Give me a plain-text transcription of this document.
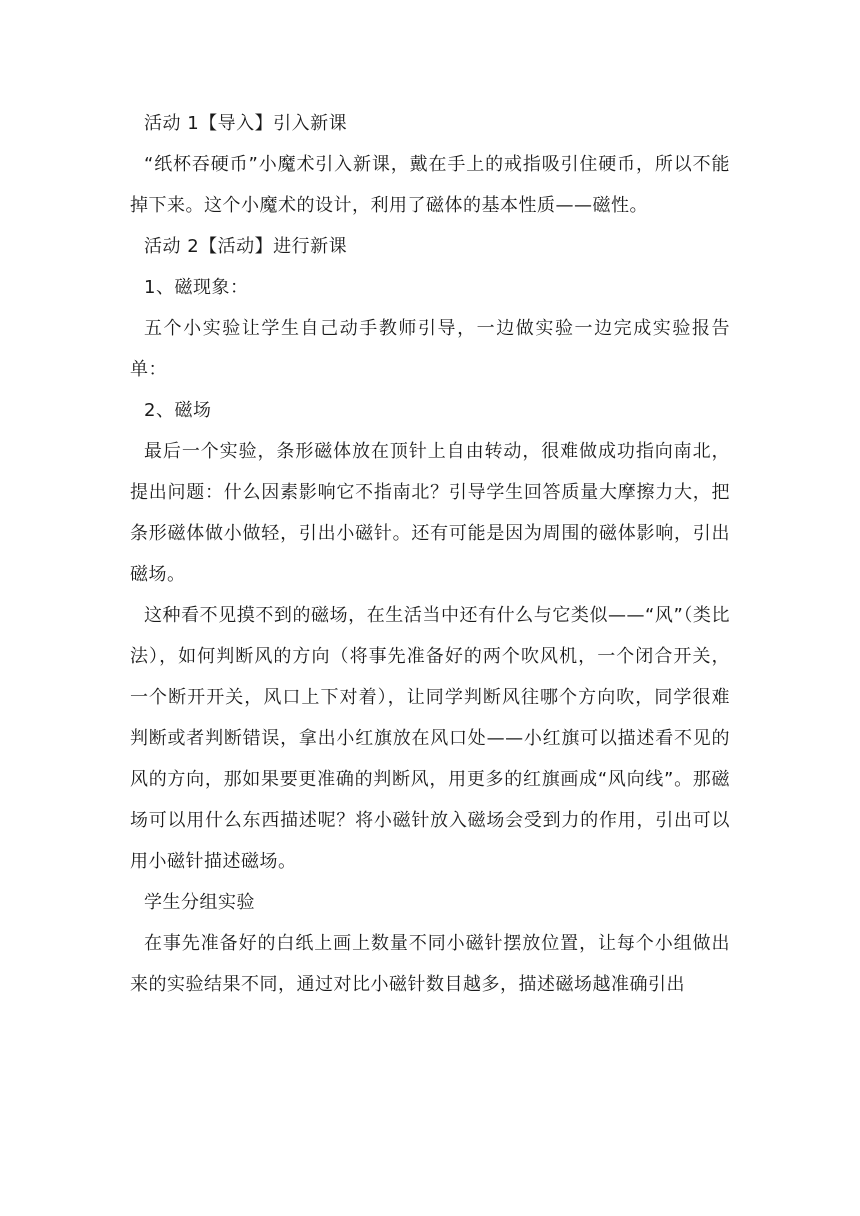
活动 1【导入】引入新课

“纸杯吞硬币”小魔术引入新课，戴在手上的戒指吸引住硬币，所以不能掉下来。这个小魔术的设计，利用了磁体的基本性质——磁性。

活动 2【活动】进行新课

1、磁现象：

五个小实验让学生自己动手教师引导，一边做实验一边完成实验报告单：

2、磁场

最后一个实验，条形磁体放在顶针上自由转动，很难做成功指向南北，提出问题：什么因素影响它不指南北？引导学生回答质量大摩擦力大，把条形磁体做小做轻，引出小磁针。还有可能是因为周围的磁体影响，引出磁场。

这种看不见摸不到的磁场，在生活当中还有什么与它类似——“风”（类比法），如何判断风的方向（将事先准备好的两个吹风机，一个闭合开关，一个断开开关，风口上下对着），让同学判断风往哪个方向吹，同学很难判断或者判断错误，拿出小红旗放在风口处——小红旗可以描述看不见的风的方向，那如果要更准确的判断风，用更多的红旗画成“风向线”。那磁场可以用什么东西描述呢？将小磁针放入磁场会受到力的作用，引出可以用小磁针描述磁场。

学生分组实验

在事先准备好的白纸上画上数量不同小磁针摆放位置，让每个小组做出来的实验结果不同，通过对比小磁针数目越多，描述磁场越准确引出
